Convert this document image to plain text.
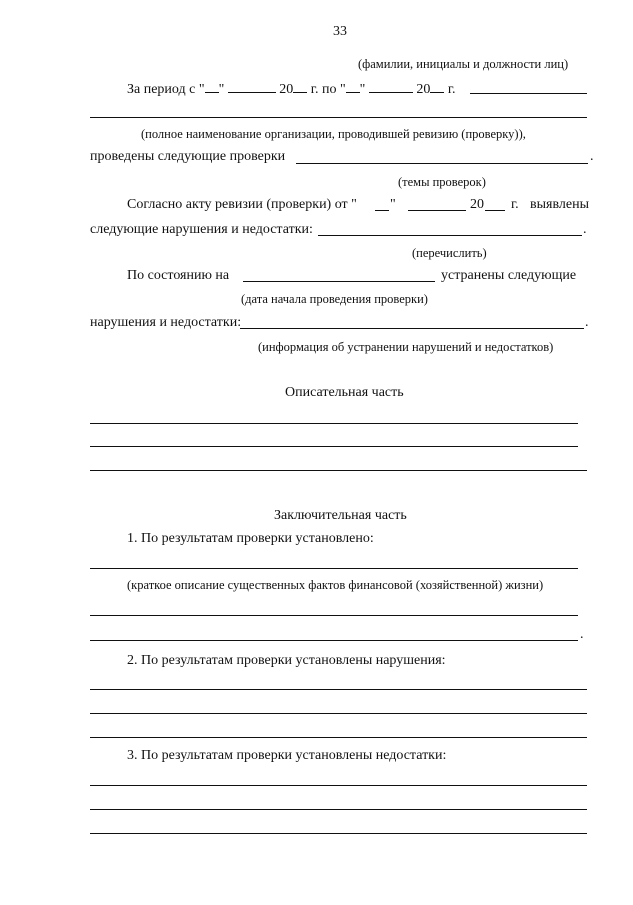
33
(фамилии, инициалы и должности лиц)
За период с " "	20 г. по " "	20 г.
(полное наименование организации, проводившей ревизию (проверку)),
проведены следующие проверки	.
(темы проверок)
Согласно акту ревизии (проверки) от " "	20 г. выявлены
следующие нарушения и недостатки:	.
(перечислить)
По состоянию на	устранены следующие
(дата начала проведения проверки)
нарушения и недостатки:	.
(информация об устранении нарушений и недостатков)
Описательная часть
Заключительная часть
1. По результатам проверки установлено:
(краткое описание существенных фактов финансовой (хозяйственной) жизни)
.
2. По результатам проверки установлены нарушения:
3. По результатам проверки установлены недостатки:
